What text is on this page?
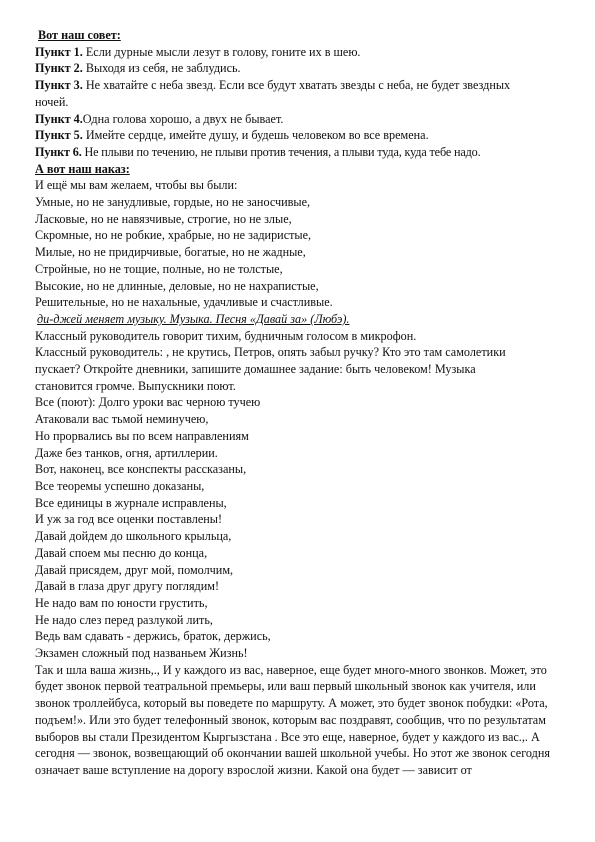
Вот наш совет:
Пункт 1. Если дурные мысли лезут в голову, гоните их в шею.
Пункт 2. Выходя из себя, не заблудись.
Пункт 3. Не хватайте с неба звезд. Если все будут хватать звезды с неба, не будет звездных ночей.
Пункт 4.Одна голова хорошо, а двух не бывает.
Пункт 5. Имейте сердце, имейте душу, и будешь человеком во все времена.
Пункт 6. Не плыви по течению, не плыви против течения, а плыви туда, куда тебе надо.
А вот наш наказ:
И ещё мы вам желаем, чтобы вы были:
Умные, но не занудливые, гордые, но не заносчивые,
Ласковые, но не навязчивые, строгие, но не злые,
Скромные, но не робкие, храбрые, но не задиристые,
Милые, но не придирчивые, богатые, но не жадные,
Стройные, но не тощие, полные, но не толстые,
Высокие, но не длинные, деловые, но не нахрапистые,
Решительные, но не нахальные, удачливые и счастливые.
ди-джей меняет музыку. Музыка. Песня «Давай за» (Любэ).
Классный руководитель говорит тихим, будничным голосом в микрофон.
Классный руководитель: , не крутись, Петров, опять забыл ручку? Кто это там самолетики пускает? Откройте дневники, запишите домашнее задание: быть человеком! Музыка становится громче. Выпускники поют.
Все (поют): Долго уроки вас черною тучею
Атаковали вас тьмой неминучею,
Но прорвались вы по всем направлениям
Даже без танков, огня, артиллерии.
Вот, наконец, все конспекты рассказаны,
Все теоремы успешно доказаны,
Все единицы в журнале исправлены,
И уж за год все оценки поставлены!
Давай дойдем до школьного крыльца,
Давай споем мы песню до конца,
Давай присядем, друг мой, помолчим,
Давай в глаза друг другу поглядим!
Не надо вам по юности грустить,
Не надо слез перед разлукой лить,
Ведь вам сдавать - держись, браток, держись,
Экзамен сложный под названьем Жизнь!
Так и шла ваша жизнь,., И у каждого из вас, наверное, еще будет много-много звонков. Может, это будет звонок первой театральной премьеры, или ваш первый школьный звонок как учителя, или звонок троллейбуса, который вы поведете по маршруту. А может, это будет звонок побудки: «Рота, подъем!». Или это будет телефонный звонок, которым вас поздравят, сообщив, что по результатам выборов вы стали Президентом Кыргызстана . Все это еще, наверное, будет у каждого из вас.,. А сегодня — звонок, возвещающий об окончании вашей школьной учебы. Но этот же звонок сегодня означает ваше вступление на дорогу взрослой жизни. Какой она будет — зависит от
